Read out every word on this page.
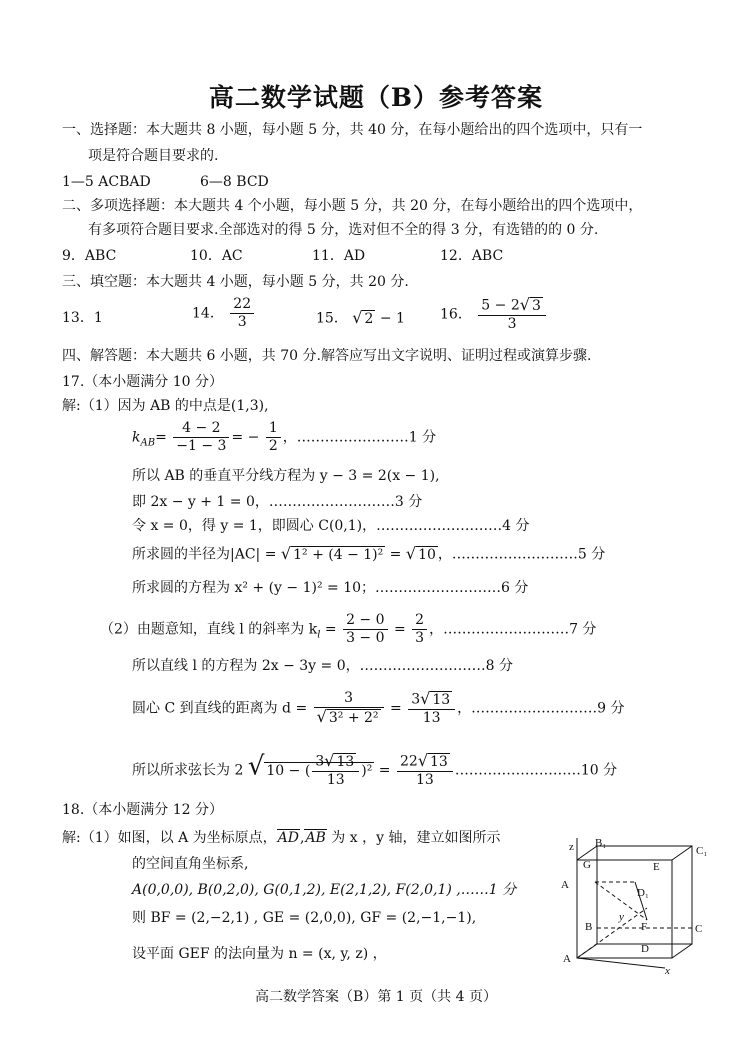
高二数学试题（B）参考答案
一、选择题：本大题共 8 小题，每小题 5 分，共 40 分，在每小题给出的四个选项中，只有一
项是符合题目要求的.
1—5 ACBAD	6—8 BCD
二、多项选择题：本大题共 4 个小题，每小题 5 分，共 20 分，在每小题给出的四个选项中，
有多项符合题目要求.全部选对的得 5 分，选对但不全的得 3 分，有选错的的 0 分.
9．ABC	10．AC	11．AD	12．ABC
三、填空题：本大题共 4 小题，每小题 5 分，共 20 分.
13．1	14． $\frac{22}{3}$	15． √ 2 − 1	16． $\frac{5 - 2√ 3}{3}$
四、解答题：本大题共 6 小题，共 70 分.解答应写出文字说明、证明过程或演算步骤.
17.（本小题满分 10 分）
解:（1）因为 AB 的中点是(1,3),
$k_{AB}= \frac{4 - 2}{-1 - 3}$ = − $\frac{1}{2}$ ，……………………1 分
所以 AB 的垂直平分线方程为 y − 3 = 2(x − 1),
即 2x − y + 1 = 0，………………………3 分
令 x = 0，得 y = 1，即圆心 C(0,1)，………………………4 分
所求圆的半径为|AC| = √ 1² + (4 − 1)² = √ 10 ，………………………5 分
所求圆的方程为 x² + (y − 1)² = 10；………………………6 分
（2）由题意知，直线 l 的斜率为 $k_l = \frac{2 - 0}{3 - 0} = \frac{2}{3}$ ，………………………7 分
所以直线 l 的方程为 2x − 3y = 0，………………………8 分
圆心 C 到直线的距离为 $d = \frac{3}{\text{√ 3² + 2²}} = \frac{3√ 13}{13}$ ，………………………9 分
所以所求弦长为 2 √ 10 − ( $\frac{3√ 13}{13} )^2 = \frac{22√ 13}{13}$ ………………………10 分
18.（本小题满分 12 分）
解:（1）如图，以 A 为坐标原点，AD,AB 为 x ，y 轴，建立如图所示
的空间直角坐标系,
A(0,0,0), B(0,2,0), G(0,1,2), E(2,1,2), F(2,0,1) ,……1 分
则 BF = (2,−2,1) , GE = (2,0,0), GF = (2,−1,−1),
设平面 GEF 的法向量为 n = (x, y, z) ，
z B₁
C₁
G	E
D₁
A
B
y
F	C
D
A
x
高二数学答案（B）第 1 页（共 4 页）
